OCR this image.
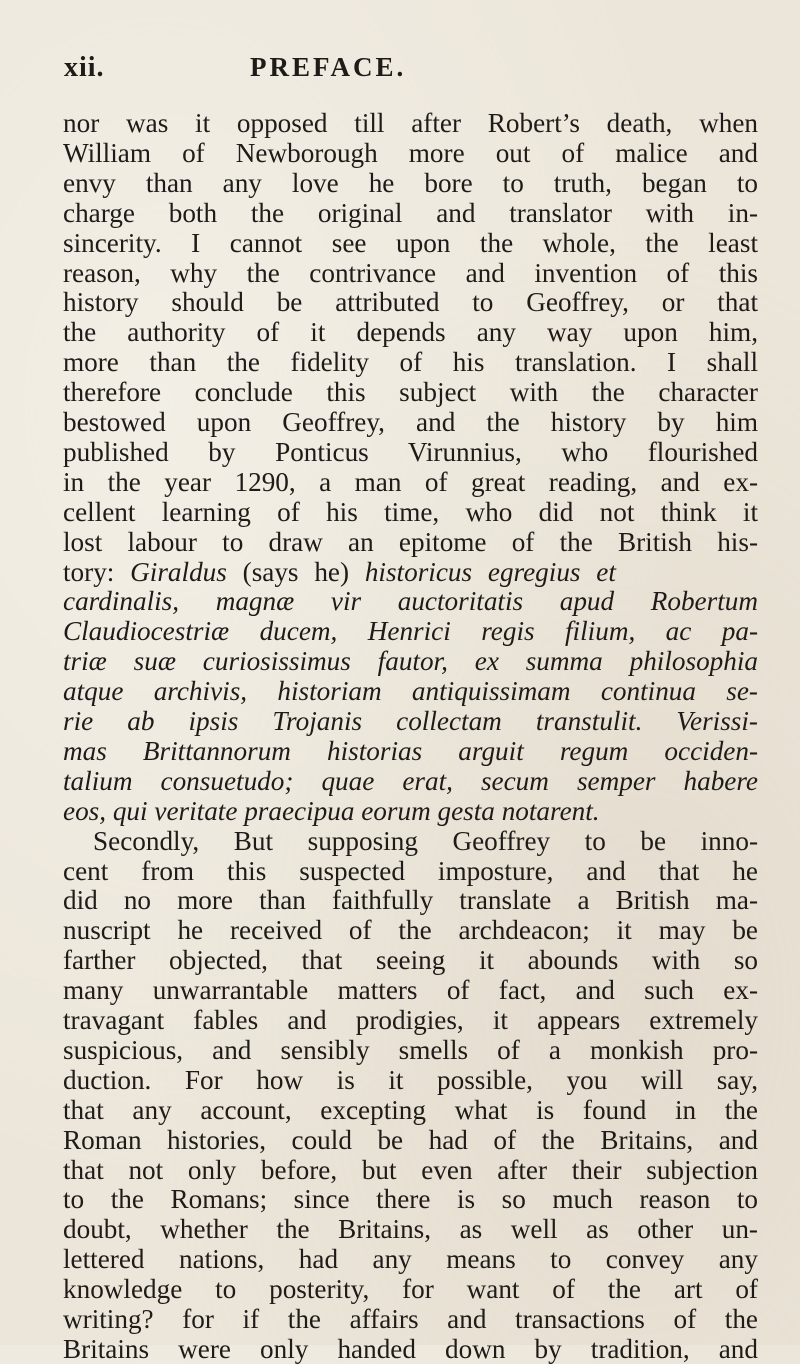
xii.	PREFACE.
nor was it opposed till after Robert’s death, when
William of Newborough more out of malice and
envy than any love he bore to truth, began to
charge both the original and translator with in-
sincerity. I cannot see upon the whole, the least
reason, why the contrivance and invention of this
history should be attributed to Geoffrey, or that
the authority of it depends any way upon him,
more than the fidelity of his translation. I shall
therefore conclude this subject with the character
bestowed upon Geoffrey, and the history by him
published by Ponticus Virunnius, who flourished
in the year 1290, a man of great reading, and ex-
cellent learning of his time, who did not think it
lost labour to draw an epitome of the British his-
tory: Giraldus (says he) historicus egregius et
cardinalis, magnæ vir auctoritatis apud Robertum
Claudiocestriæ ducem, Henrici regis filium, ac pa-
triæ suæ curiosissimus fautor, ex summa philosophia
atque archivis, historiam antiquissimam continua se-
rie ab ipsis Trojanis collectam transtulit. Verissi-
mas Brittannorum historias arguit regum occiden-
talium consuetudo; quae erat, secum semper habere
eos, qui veritate praecipua eorum gesta notarent.
Secondly, But supposing Geoffrey to be inno-
cent from this suspected imposture, and that he
did no more than faithfully translate a British ma-
nuscript he received of the archdeacon; it may be
farther objected, that seeing it abounds with so
many unwarrantable matters of fact, and such ex-
travagant fables and prodigies, it appears extremely
suspicious, and sensibly smells of a monkish pro-
duction. For how is it possible, you will say,
that any account, excepting what is found in the
Roman histories, could be had of the Britains, and
that not only before, but even after their subjection
to the Romans; since there is so much reason to
doubt, whether the Britains, as well as other un-
lettered nations, had any means to convey any
knowledge to posterity, for want of the art of
writing? for if the affairs and transactions of the
Britains were only handed down by tradition, and
